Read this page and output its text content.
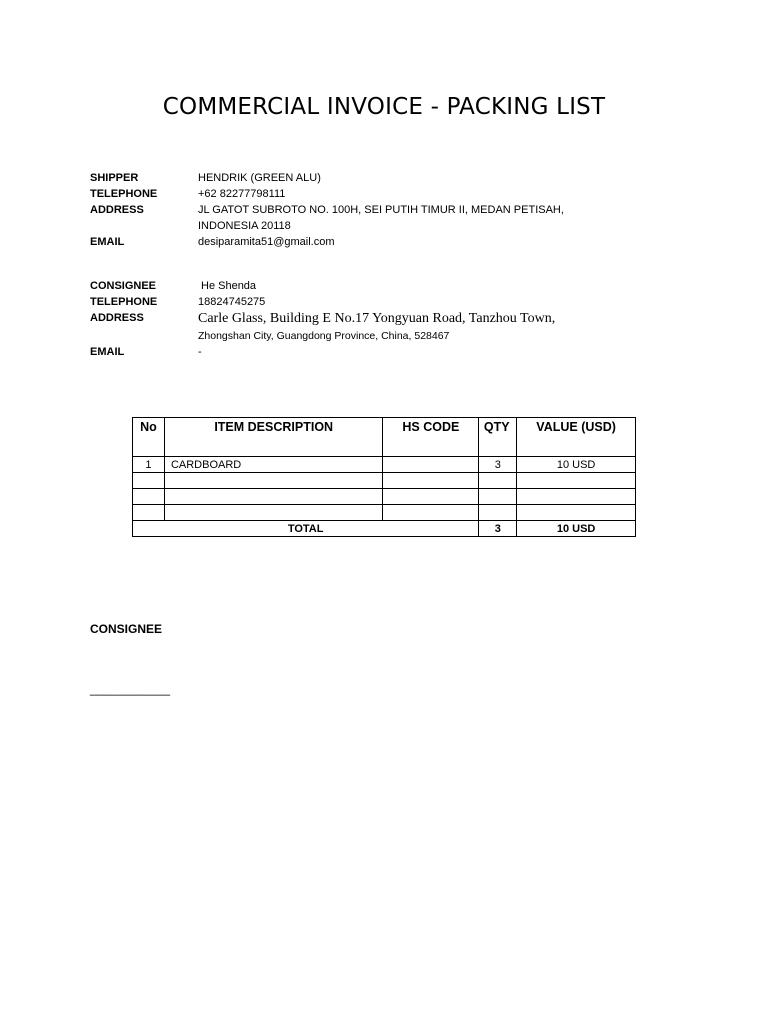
COMMERCIAL INVOICE - PACKING LIST
SHIPPER	HENDRIK (GREEN ALU)
TELEPHONE	+62 82277798111
ADDRESS	JL GATOT SUBROTO NO. 100H, SEI PUTIH TIMUR II, MEDAN PETISAH, INDONESIA 20118
EMAIL	desiparamita51@gmail.com
CONSIGNEE	He Shenda
TELEPHONE	18824745275
ADDRESS	Carle Glass, Building E No.17 Yongyuan Road, Tanzhou Town,
Zhongshan City, Guangdong Province, China, 528467
EMAIL	-
No	ITEM DESCRIPTION	HS CODE	QTY	VALUE (USD)
1	CARDBOARD		3	10 USD

TOTAL			3	10 USD
CONSIGNEE
____________
